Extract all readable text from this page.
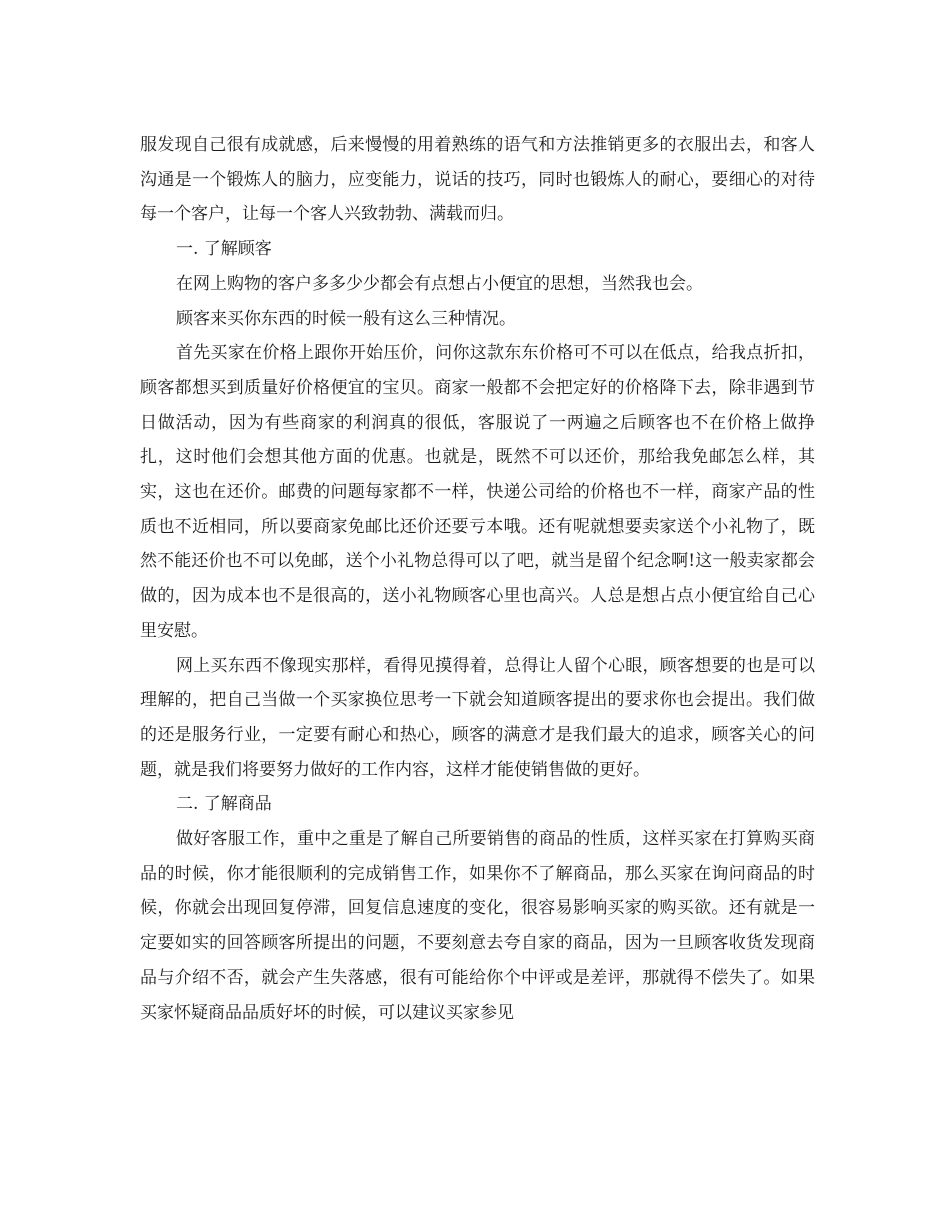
服发现自己很有成就感，后来慢慢的用着熟练的语气和方法推销更多的衣服出去，和客人沟通是一个锻炼人的脑力，应变能力，说话的技巧，同时也锻炼人的耐心，要细心的对待每一个客户，让每一个客人兴致勃勃、满载而归。

一. 了解顾客

在网上购物的客户多多少少都会有点想占小便宜的思想，当然我也会。

顾客来买你东西的时候一般有这么三种情况。

首先买家在价格上跟你开始压价，问你这款东东价格可不可以在低点，给我点折扣，顾客都想买到质量好价格便宜的宝贝。商家一般都不会把定好的价格降下去，除非遇到节日做活动，因为有些商家的利润真的很低，客服说了一两遍之后顾客也不在价格上做挣扎，这时他们会想其他方面的优惠。也就是，既然不可以还价，那给我免邮怎么样，其实，这也在还价。邮费的问题每家都不一样，快递公司给的价格也不一样，商家产品的性质也不近相同，所以要商家免邮比还价还要亏本哦。还有呢就想要卖家送个小礼物了，既然不能还价也不可以免邮，送个小礼物总得可以了吧，就当是留个纪念啊!这一般卖家都会做的，因为成本也不是很高的，送小礼物顾客心里也高兴。人总是想占点小便宜给自己心里安慰。

网上买东西不像现实那样，看得见摸得着，总得让人留个心眼，顾客想要的也是可以理解的，把自己当做一个买家换位思考一下就会知道顾客提出的要求你也会提出。我们做的还是服务行业，一定要有耐心和热心，顾客的满意才是我们最大的追求，顾客关心的问题，就是我们将要努力做好的工作内容，这样才能使销售做的更好。

二. 了解商品

做好客服工作，重中之重是了解自己所要销售的商品的性质，这样买家在打算购买商品的时候，你才能很顺利的完成销售工作，如果你不了解商品，那么买家在询问商品的时候，你就会出现回复停滞，回复信息速度的变化，很容易影响买家的购买欲。还有就是一定要如实的回答顾客所提出的问题，不要刻意去夸自家的商品，因为一旦顾客收货发现商品与介绍不否，就会产生失落感，很有可能给你个中评或是差评，那就得不偿失了。如果买家怀疑商品品质好坏的时候，可以建议买家参见
